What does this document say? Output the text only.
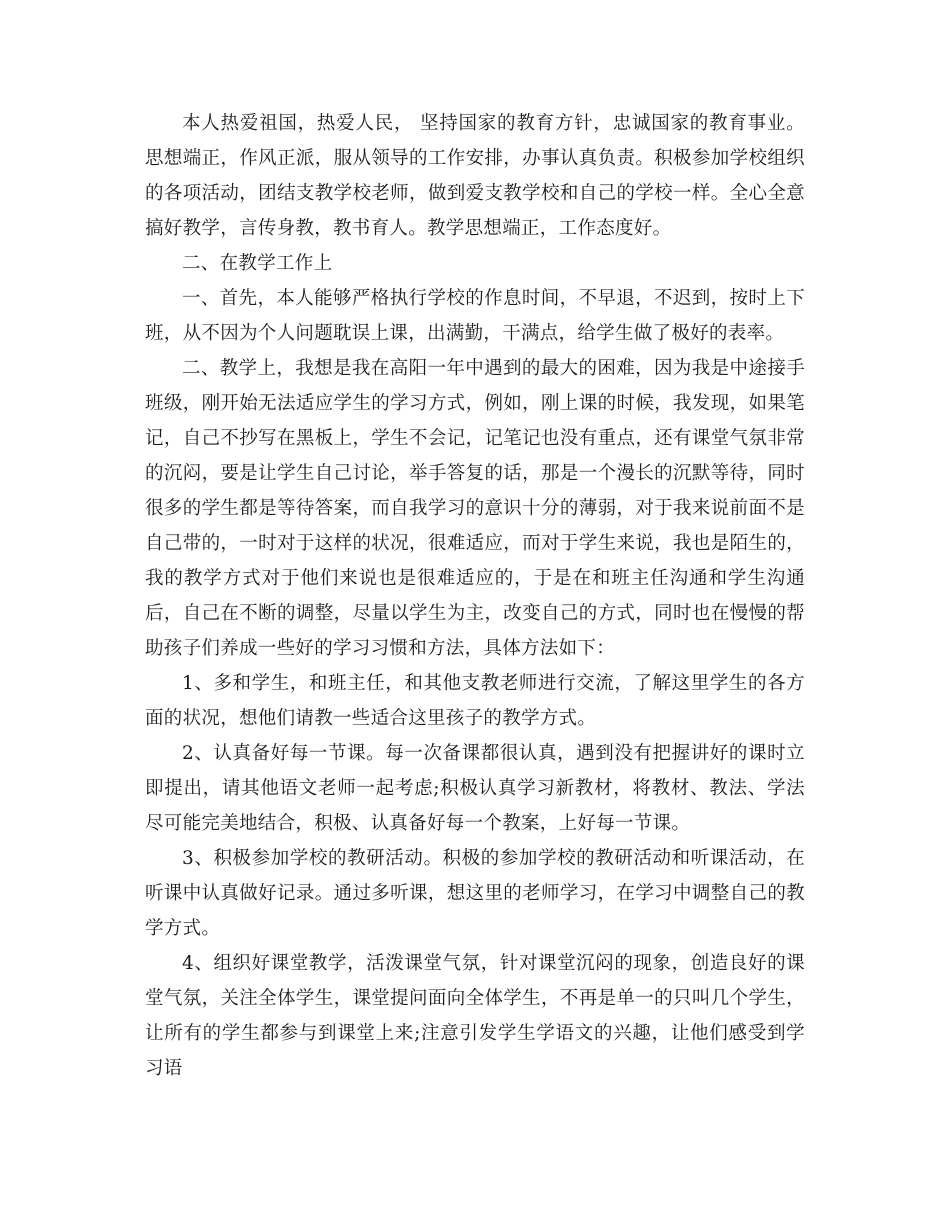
本人热爱祖国，热爱人民， 坚持国家的教育方针，忠诚国家的教育事业。思想端正，作风正派，服从领导的工作安排，办事认真负责。积极参加学校组织的各项活动，团结支教学校老师，做到爱支教学校和自己的学校一样。全心全意搞好教学，言传身教，教书育人。教学思想端正，工作态度好。

二、在教学工作上

一、首先，本人能够严格执行学校的作息时间，不早退，不迟到，按时上下班，从不因为个人问题耽误上课，出满勤，干满点，给学生做了极好的表率。

二、教学上，我想是我在高阳一年中遇到的最大的困难，因为我是中途接手班级，刚开始无法适应学生的学习方式，例如，刚上课的时候，我发现，如果笔记，自己不抄写在黑板上，学生不会记，记笔记也没有重点，还有课堂气氛非常的沉闷，要是让学生自己讨论，举手答复的话，那是一个漫长的沉默等待，同时很多的学生都是等待答案，而自我学习的意识十分的薄弱，对于我来说前面不是自己带的，一时对于这样的状况，很难适应，而对于学生来说，我也是陌生的，我的教学方式对于他们来说也是很难适应的，于是在和班主任沟通和学生沟通后，自己在不断的调整，尽量以学生为主，改变自己的方式，同时也在慢慢的帮助孩子们养成一些好的学习习惯和方法，具体方法如下：

1、多和学生，和班主任，和其他支教老师进行交流，了解这里学生的各方面的状况，想他们请教一些适合这里孩子的教学方式。

2、认真备好每一节课。每一次备课都很认真，遇到没有把握讲好的课时立即提出，请其他语文老师一起考虑;积极认真学习新教材，将教材、教法、学法尽可能完美地结合，积极、认真备好每一个教案，上好每一节课。

3、积极参加学校的教研活动。积极的参加学校的教研活动和听课活动，在听课中认真做好记录。通过多听课，想这里的老师学习，在学习中调整自己的教学方式。

4、组织好课堂教学，活泼课堂气氛，针对课堂沉闷的现象，创造良好的课堂气氛，关注全体学生，课堂提问面向全体学生，不再是单一的只叫几个学生，让所有的学生都参与到课堂上来;注意引发学生学语文的兴趣，让他们感受到学习语
